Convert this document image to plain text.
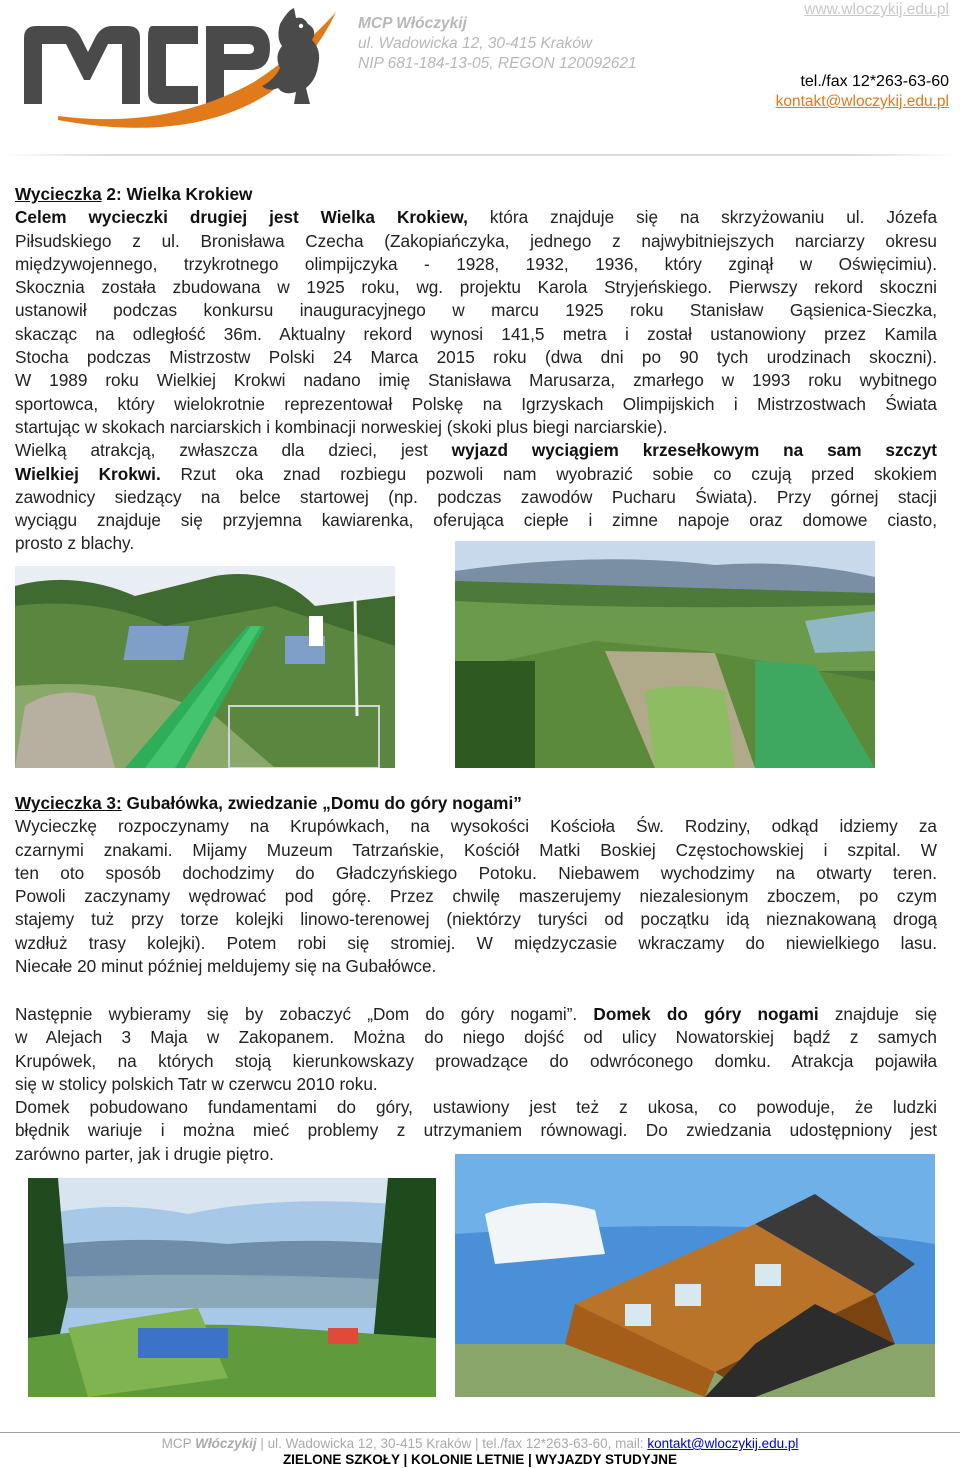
MCP Włóczykij
ul. Wadowicka 12, 30-415 Kraków
NIP 681-184-13-05, REGON 120092621
www.wloczykij.edu.pl
tel./fax 12*263-63-60
kontakt@wloczykij.edu.pl
Wycieczka 2: Wielka Krokiew
Celem wycieczki drugiej jest Wielka Krokiew, która znajduje się na skrzyżowaniu ul. Józefa
Piłsudskiego z ul. Bronisława Czecha (Zakopiańczyka, jednego z najwybitniejszych narciarzy okresu
międzywojennego, trzykrotnego olimpijczyka - 1928, 1932, 1936, który zginął w Oświęcimiu).
Skocznia została zbudowana w 1925 roku, wg. projektu Karola Stryjeńskiego. Pierwszy rekord skoczni
ustanowił podczas konkursu inauguracyjnego w marcu 1925 roku Stanisław Gąsienica-Sieczka,
skacząc na odległość 36m. Aktualny rekord wynosi 141,5 metra i został ustanowiony przez Kamila
Stocha podczas Mistrzostw Polski 24 Marca 2015 roku (dwa dni po 90 tych urodzinach skoczni).
W 1989 roku Wielkiej Krokwi nadano imię Stanisława Marusarza, zmarłego w 1993 roku wybitnego
sportowca, który wielokrotnie reprezentował Polskę na Igrzyskach Olimpijskich i Mistrzostwach Świata
startując w skokach narciarskich i kombinacji norweskiej (skoki plus biegi narciarskie).
Wielką atrakcją, zwłaszcza dla dzieci, jest wyjazd wyciągiem krzesełkowym na sam szczyt
Wielkiej Krokwi. Rzut oka znad rozbiegu pozwoli nam wyobrazić sobie co czują przed skokiem
zawodnicy siedzący na belce startowej (np. podczas zawodów Pucharu Świata). Przy górnej stacji
wyciągu znajduje się przyjemna kawiarenka, oferująca ciepłe i zimne napoje oraz domowe ciasto,
prosto z blachy.
Wycieczka 3: Gubałówka, zwiedzanie „Domu do góry nogami”
Wycieczkę rozpoczynamy na Krupówkach, na wysokości Kościoła Św. Rodziny, odkąd idziemy za
czarnymi znakami. Mijamy Muzeum Tatrzańskie, Kościół Matki Boskiej Częstochowskiej i szpital. W
ten oto sposób dochodzimy do Gładczyńskiego Potoku. Niebawem wychodzimy na otwarty teren.
Powoli zaczynamy wędrować pod górę. Przez chwilę maszerujemy niezalesionym zboczem, po czym
stajemy tuż przy torze kolejki linowo-terenowej (niektórzy turyści od początku idą nieznakowaną drogą
wzdłuż trasy kolejki). Potem robi się stromiej. W międzyczasie wkraczamy do niewielkiego lasu.
Niecałe 20 minut później meldujemy się na Gubałówce.
Następnie wybieramy się by zobaczyć „Dom do góry nogami”. Domek do góry nogami znajduje się
w Alejach 3 Maja w Zakopanem. Można do niego dojść od ulicy Nowatorskiej bądź z samych
Krupówek, na których stoją kierunkowskazy prowadzące do odwróconego domku. Atrakcja pojawiła
się w stolicy polskich Tatr w czerwcu 2010 roku.
Domek pobudowano fundamentami do góry, ustawiony jest też z ukosa, co powoduje, że ludzki
błędnik wariuje i można mieć problemy z utrzymaniem równowagi. Do zwiedzania udostępniony jest
zarówno parter, jak i drugie piętro.
MCP Włóczykij | ul. Wadowicka 12, 30-415 Kraków | tel./fax 12*263-63-60, mail: kontakt@wloczykij.edu.pl
ZIELONE SZKOŁY | KOLONIE LETNIE | WYJAZDY STUDYJNE
